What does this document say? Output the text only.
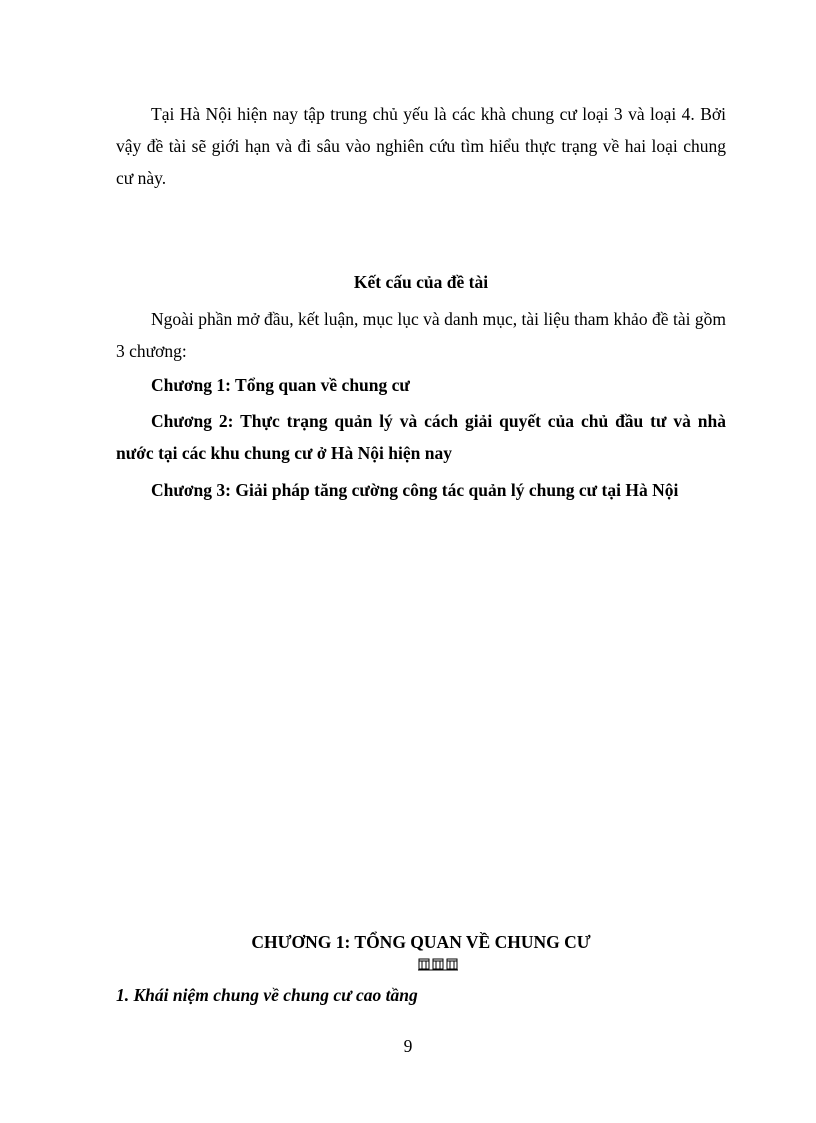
Tại Hà Nội hiện nay tập trung chủ yếu là các khà chung cư loại 3 và loại 4. Bởi vậy đề tài sẽ giới hạn và đi sâu vào nghiên cứu tìm hiểu thực trạng về hai loại chung cư này.

Kết cấu của đề tài

Ngoài phần mở đầu, kết luận, mục lục và danh mục, tài liệu tham khảo đề tài gồm 3 chương:

Chương 1: Tổng quan về chung cư

Chương 2: Thực trạng quản lý và cách giải quyết của chủ đầu tư và nhà nước tại các khu chung cư ở Hà Nội hiện nay

Chương 3: Giải pháp tăng cường công tác quản lý chung cư tại Hà Nội

CHƯƠNG 1: TỔNG QUAN VỀ CHUNG CƯ

1. Khái niệm chung về chung cư cao tầng

9
